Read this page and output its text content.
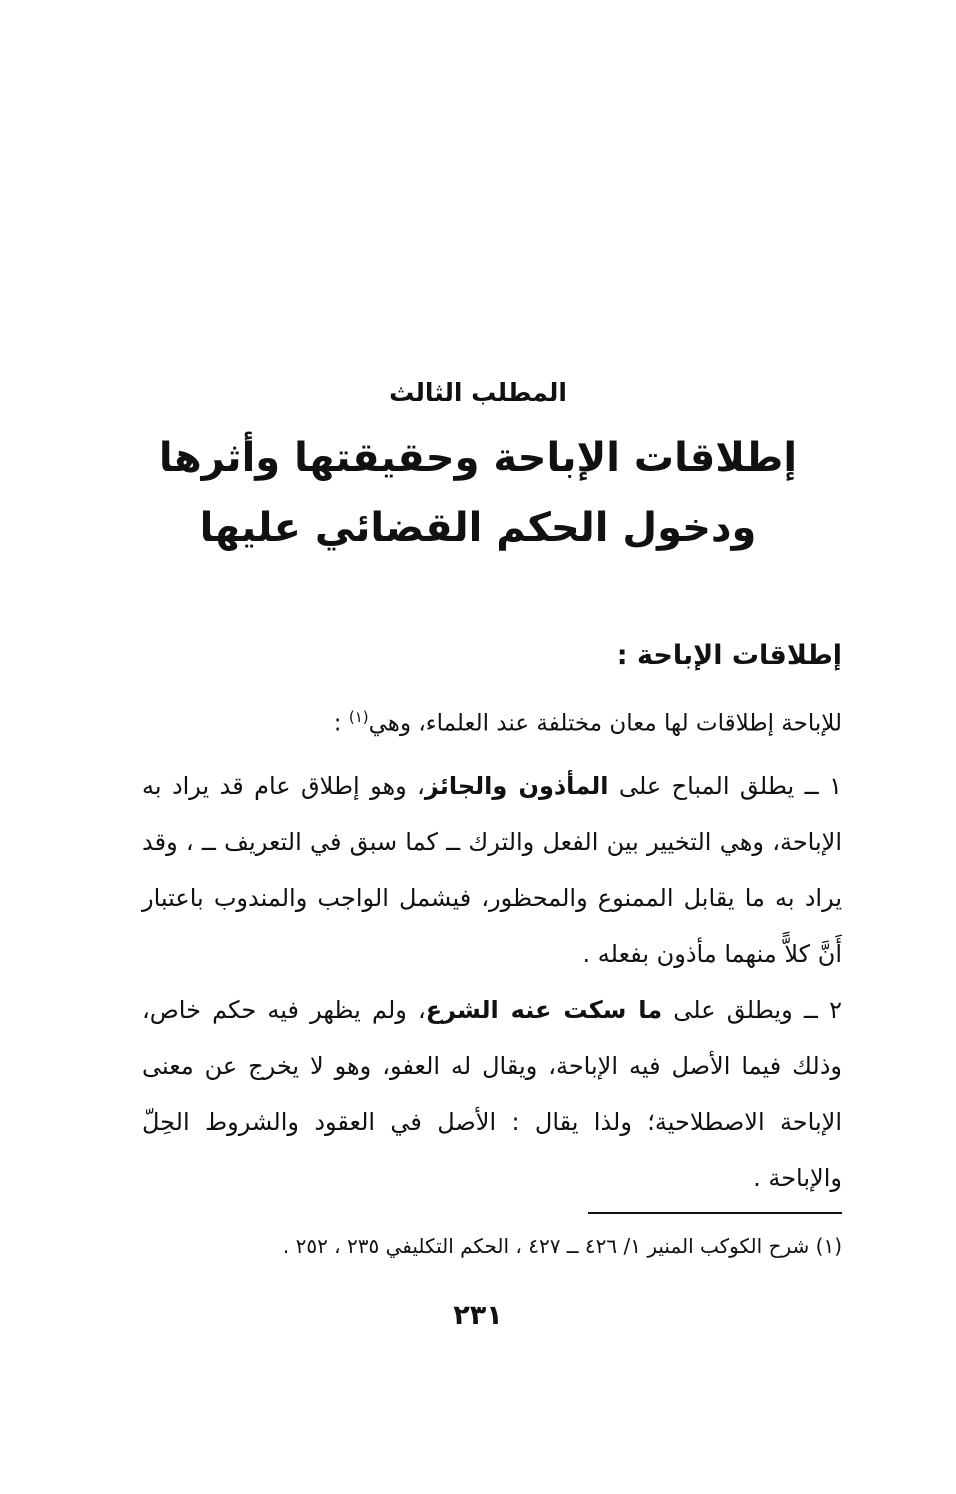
المطلب الثالث
إطلاقات الإباحة وحقيقتها وأثرها
ودخول الحكم القضائي عليها
إطلاقات الإباحة :
للإباحة إطلاقات لها معان مختلفة عند العلماء، وهي$^{(١)}$ :
١ ــ يطلق المباح على المأذون والجائز، وهو إطلاق عام قد يراد به الإباحة، وهي التخيير بين الفعل والترك ــ كما سبق في التعريف ــ ، وقد يراد به ما يقابل الممنوع والمحظور، فيشمل الواجب والمندوب باعتبار أَنَّ كلاًّ منهما مأذون بفعله .
٢ ــ ويطلق على ما سكت عنه الشرع، ولم يظهر فيه حكم خاص، وذلك فيما الأصل فيه الإباحة، ويقال له العفو، وهو لا يخرج عن معنى الإباحة الاصطلاحية؛ ولذا يقال : الأصل في العقود والشروط الحِلّ والإباحة .
(١) شرح الكوكب المنير ١/ ٤٢٦ ــ ٤٢٧ ، الحكم التكليفي ٢٣٥ ، ٢٥٢ .
٢٣١
